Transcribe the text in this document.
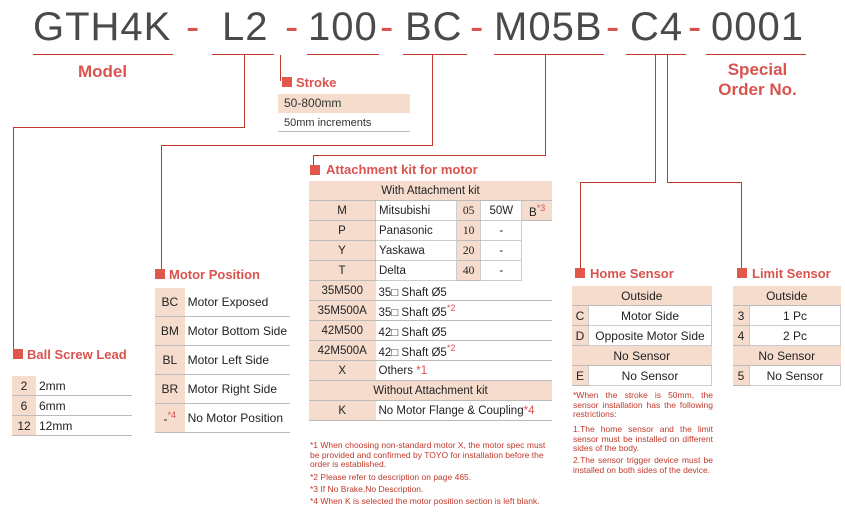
GTH4K - L2 - 100 - BC - M05B - C4 - 0001
Model	Special
Order No.
Stroke
50-800mm
50mm increments
Ball Screw Lead
2	2mm
6	6mm
12	12mm
Motor Position
BC	Motor Exposed
BM	Motor Bottom Side
BL	Motor Left Side
BR	Motor Right Side
-$^{*4}$	No Motor Position
Attachment kit for motor
With Attachment kit				
M	Mitsubishi	05	50W	$B^{*3}$
P	Panasonic	10	-	
Y	Yaskawa	20	-	
T	Delta	40	-	
35M500	35□ Shaft Ø5			
35M500A	35□ Shaft Ø5$^{*2}$
42M500	42□ Shaft Ø5			
42M500A	42□ Shaft Ø5$^{*2}$
X	Others *1			
Without Attachment kit				
K	No Motor Flange & Coupling*4			
*1 When choosing non-standard motor X, the motor spec must be provided and confirmed by TOYO for installation before the order is established.
*2 Please refer to description on page 465.
*3 If No Brake,No Description.
*4 When K is selected the motor position section is left blank.
Home Sensor
Outside	
C	Motor Side
D	Opposite Motor Side
No Sensor	
E	No Sensor
*When the stroke is 50mm, the sensor installation has the following restrictions:
1.The home sensor and the limit sensor must be installed on different sides of the body.
2.The sensor trigger device must be installed on both sides of the device.
Limit Sensor
Outside	
3	1 Pc
4	2 Pc
No Sensor	
5	No Sensor
